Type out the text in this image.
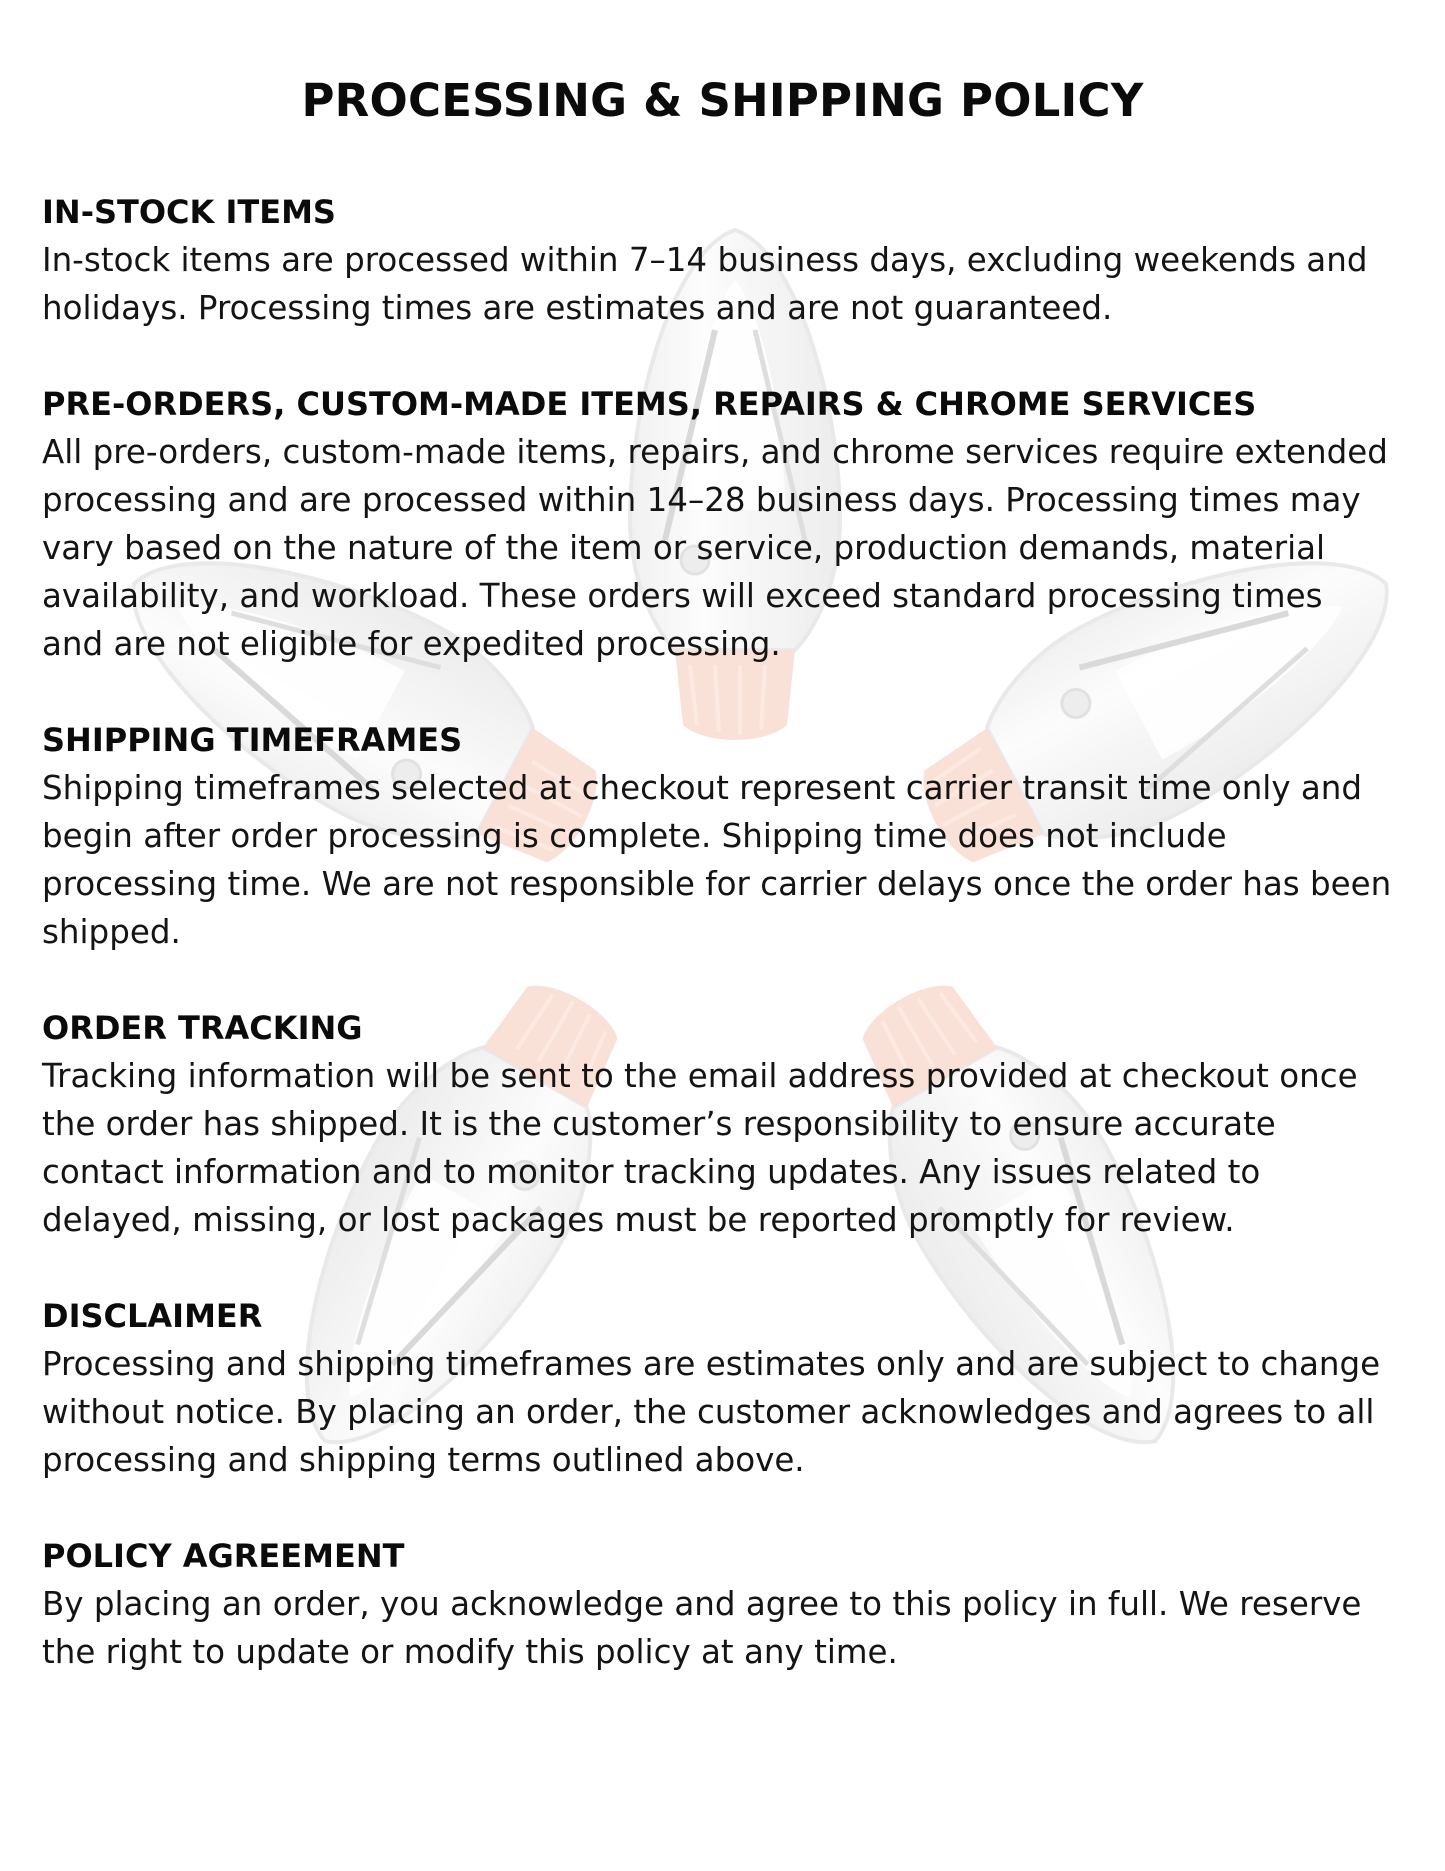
PROCESSING & SHIPPING POLICY
IN-STOCK ITEMS

In-stock items are processed within 7–14 business days, excluding weekends and holidays. Processing times are estimates and are not guaranteed.

PRE-ORDERS, CUSTOM-MADE ITEMS, REPAIRS & CHROME SERVICES

All pre-orders, custom-made items, repairs, and chrome services require extended processing and are processed within 14–28 business days. Processing times may vary based on the nature of the item or service, production demands, material availability, and workload. These orders will exceed standard processing times and are not eligible for expedited processing.

SHIPPING TIMEFRAMES

Shipping timeframes selected at checkout represent carrier transit time only and begin after order processing is complete. Shipping time does not include processing time. We are not responsible for carrier delays once the order has been shipped.

ORDER TRACKING

Tracking information will be sent to the email address provided at checkout once the order has shipped. It is the customer’s responsibility to ensure accurate contact information and to monitor tracking updates. Any issues related to delayed, missing, or lost packages must be reported promptly for review.

DISCLAIMER

Processing and shipping timeframes are estimates only and are subject to change without notice. By placing an order, the customer acknowledges and agrees to all processing and shipping terms outlined above.

POLICY AGREEMENT

By placing an order, you acknowledge and agree to this policy in full. We reserve the right to update or modify this policy at any time.
